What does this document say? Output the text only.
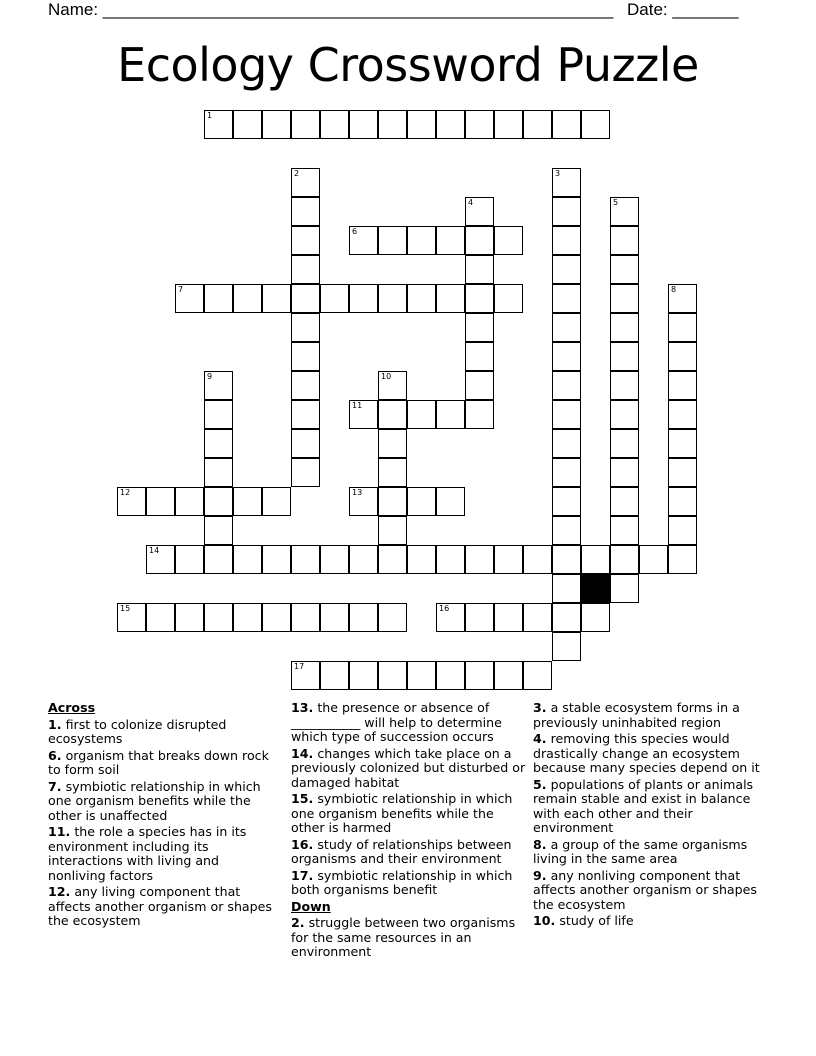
Name: ______________________________________________________ Date: _______
Ecology Crossword Puzzle
1
2	3
4	5
6
7	8
9	10
11
12	13
14
15	16
17
Across
1. first to colonize disrupted ecosystems
6. organism that breaks down rock to form soil
7. symbiotic relationship in which one organism benefits while the other is unaffected
11. the role a species has in its environment including its interactions with living and nonliving factors
12. any living component that affects another organism or shapes the ecosystem
13. the presence or absence of ___________ will help to determine which type of succession occurs
14. changes which take place on a previously colonized but disturbed or damaged habitat
15. symbiotic relationship in which one organism benefits while the other is harmed
16. study of relationships between organisms and their environment
17. symbiotic relationship in which both organisms benefit
Down
2. struggle between two organisms for the same resources in an environment
3. a stable ecosystem forms in a previously uninhabited region
4. removing this species would drastically change an ecosystem because many species depend on it
5. populations of plants or animals remain stable and exist in balance with each other and their environment
8. a group of the same organisms living in the same area
9. any nonliving component that affects another organism or shapes the ecosystem
10. study of life
